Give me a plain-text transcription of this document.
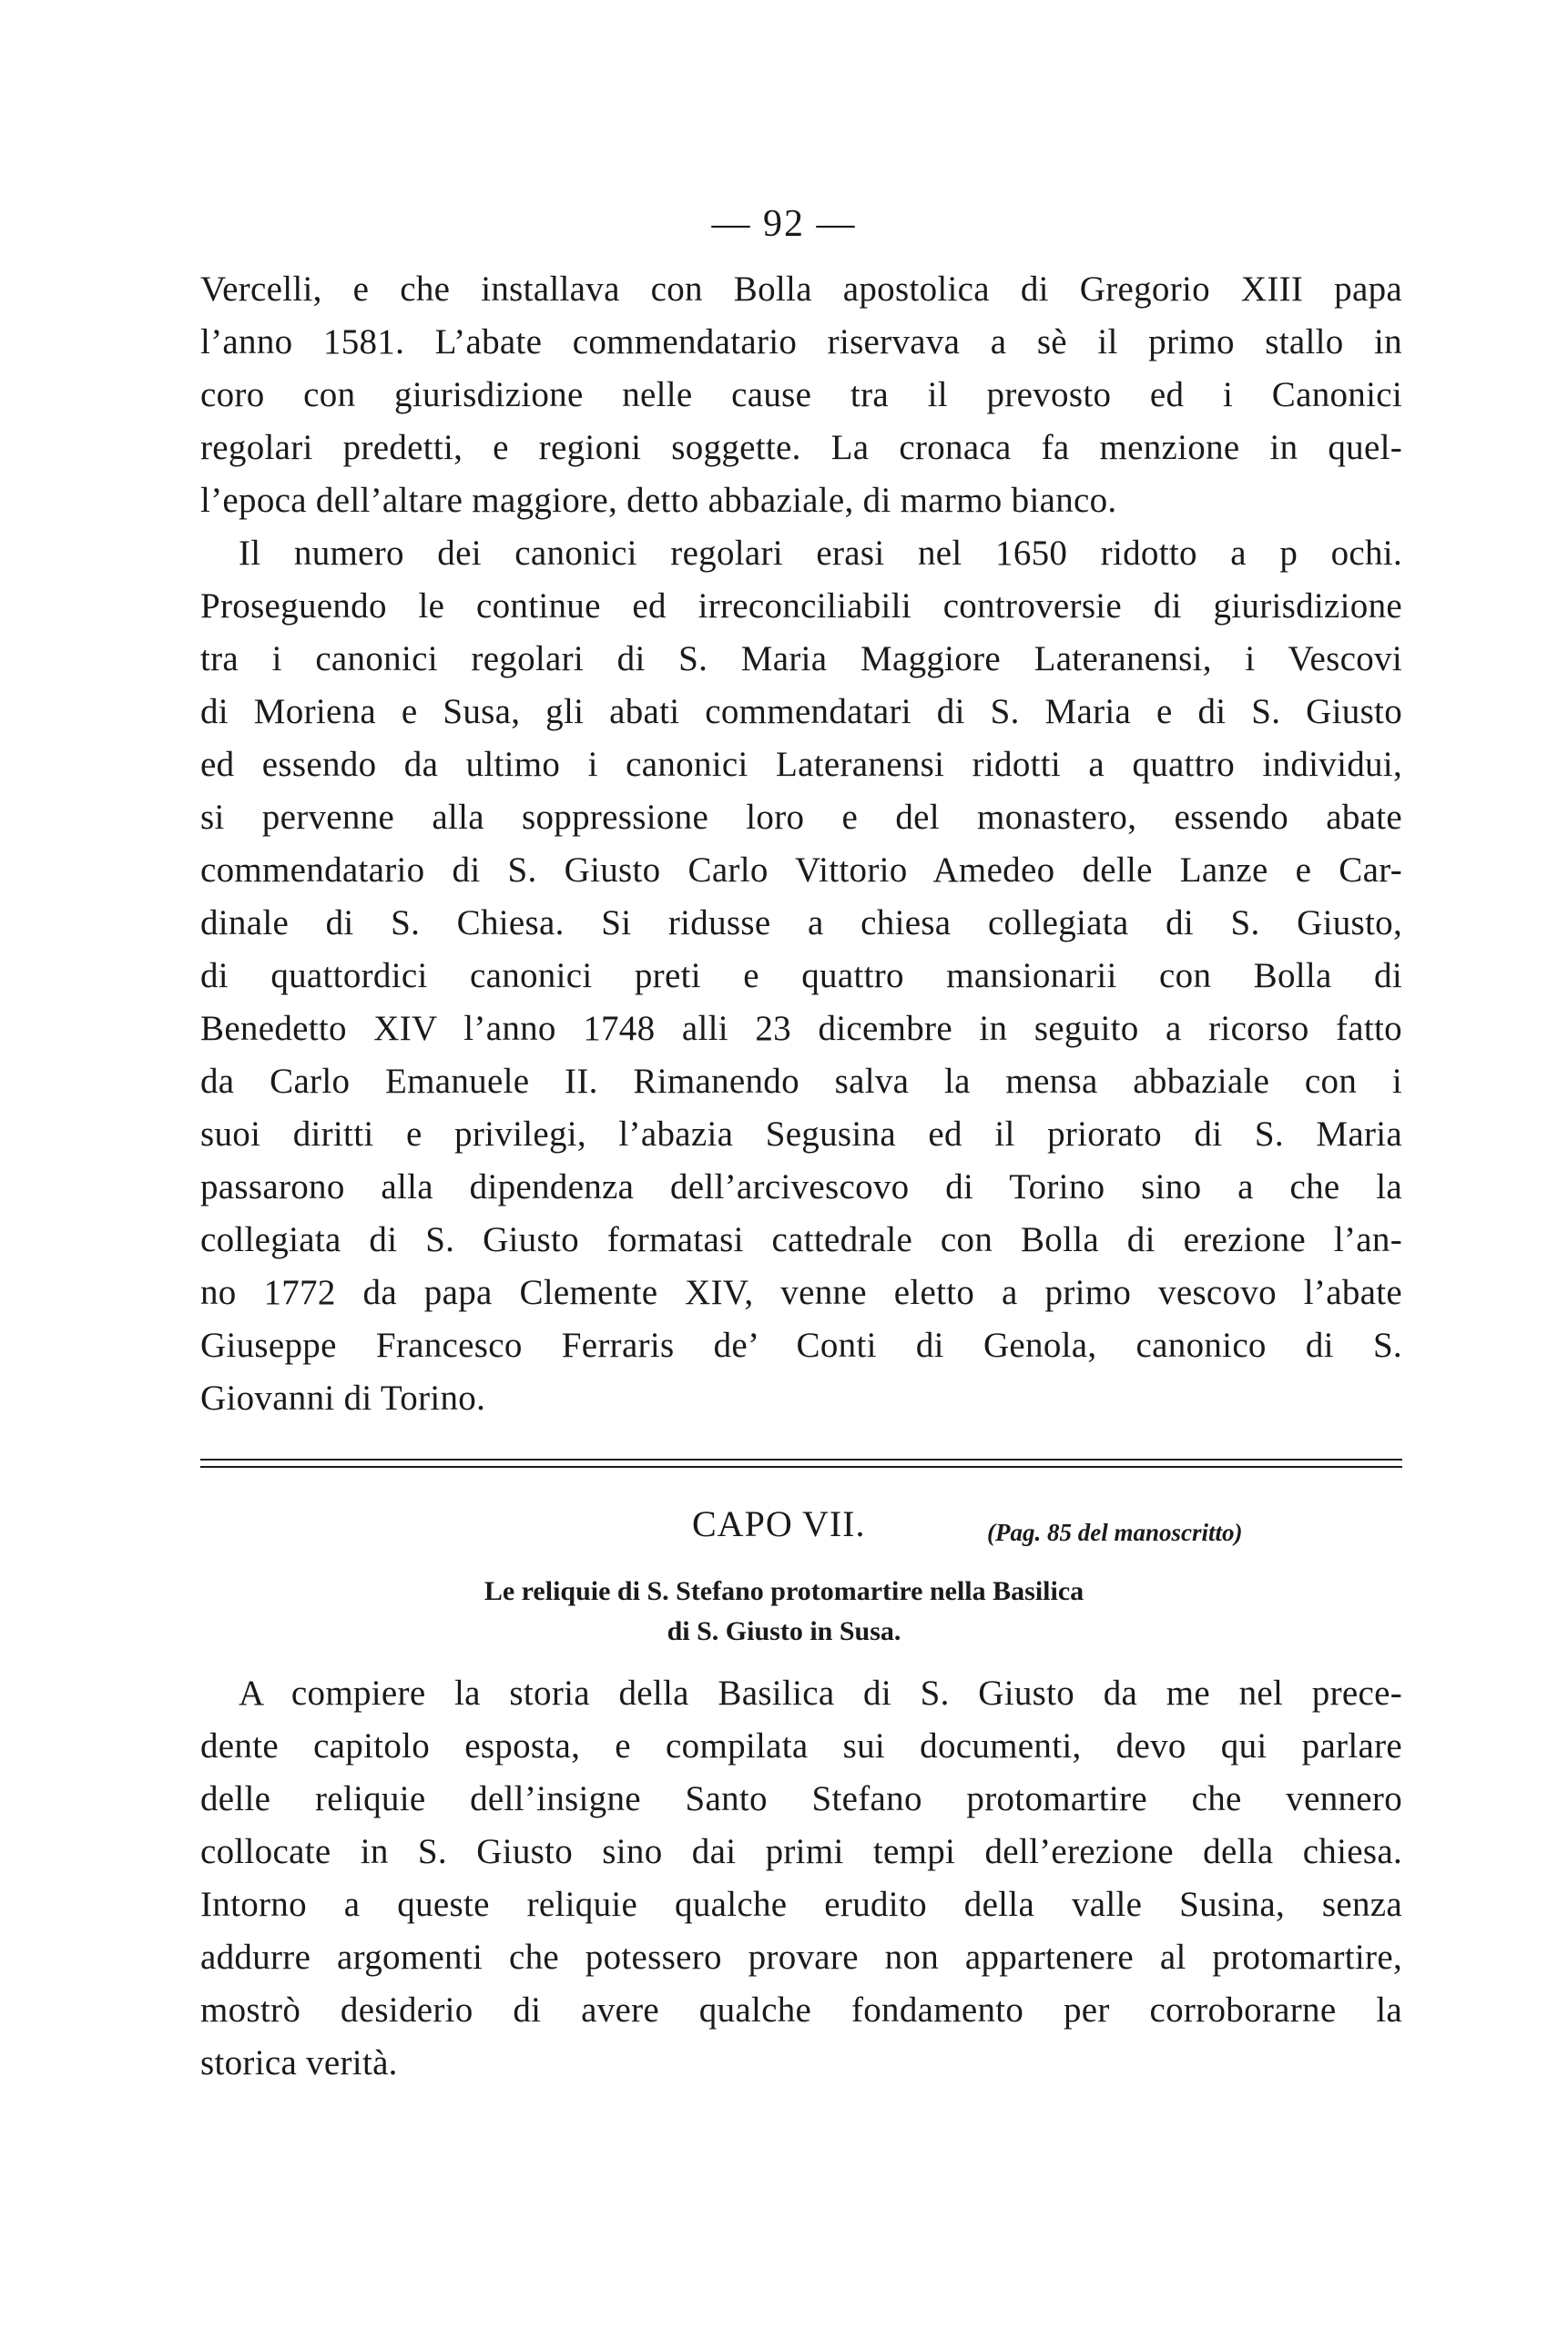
— 92 —
Vercelli, e che installava con Bolla apostolica di Gregorio XIII papa
l’anno 1581. L’abate commendatario riservava a sè il primo stallo in
coro con giurisdizione nelle cause tra il prevosto ed i Canonici
regolari predetti, e regioni soggette. La cronaca fa menzione in quel-
l’epoca dell’altare maggiore, detto abbaziale, di marmo bianco.
Il numero dei canonici regolari erasi nel 1650 ridotto a p ochi.
Proseguendo le continue ed irreconciliabili controversie di giurisdizione
tra i canonici regolari di S. Maria Maggiore Lateranensi, i Vescovi
di Moriena e Susa, gli abati commendatari di S. Maria e di S. Giusto
ed essendo da ultimo i canonici Lateranensi ridotti a quattro individui,
si pervenne alla soppressione loro e del monastero, essendo abate
commendatario di S. Giusto Carlo Vittorio Amedeo delle Lanze e Car-
dinale di S. Chiesa. Si ridusse a chiesa collegiata di S. Giusto,
di quattordici canonici preti e quattro mansionarii con Bolla di
Benedetto XIV l’anno 1748 alli 23 dicembre in seguito a ricorso fatto
da Carlo Emanuele II. Rimanendo salva la mensa abbaziale con i
suoi diritti e privilegi, l’abazia Segusina ed il priorato di S. Maria
passarono alla dipendenza dell’arcivescovo di Torino sino a che la
collegiata di S. Giusto formatasi cattedrale con Bolla di erezione l’an-
no 1772 da papa Clemente XIV, venne eletto a primo vescovo l’abate
Giuseppe Francesco Ferraris de’ Conti di Genola, canonico di S.
Giovanni di Torino.
CAPO VII.	(Pag. 85 del manoscritto)
Le reliquie di S. Stefano protomartire nella Basilica
di S. Giusto in Susa.
A compiere la storia della Basilica di S. Giusto da me nel prece-
dente capitolo esposta, e compilata sui documenti, devo qui parlare
delle reliquie dell’insigne Santo Stefano protomartire che vennero
collocate in S. Giusto sino dai primi tempi dell’erezione della chiesa.
Intorno a queste reliquie qualche erudito della valle Susina, senza
addurre argomenti che potessero provare non appartenere al protomartire,
mostrò desiderio di avere qualche fondamento per corroborarne la
storica verità.
